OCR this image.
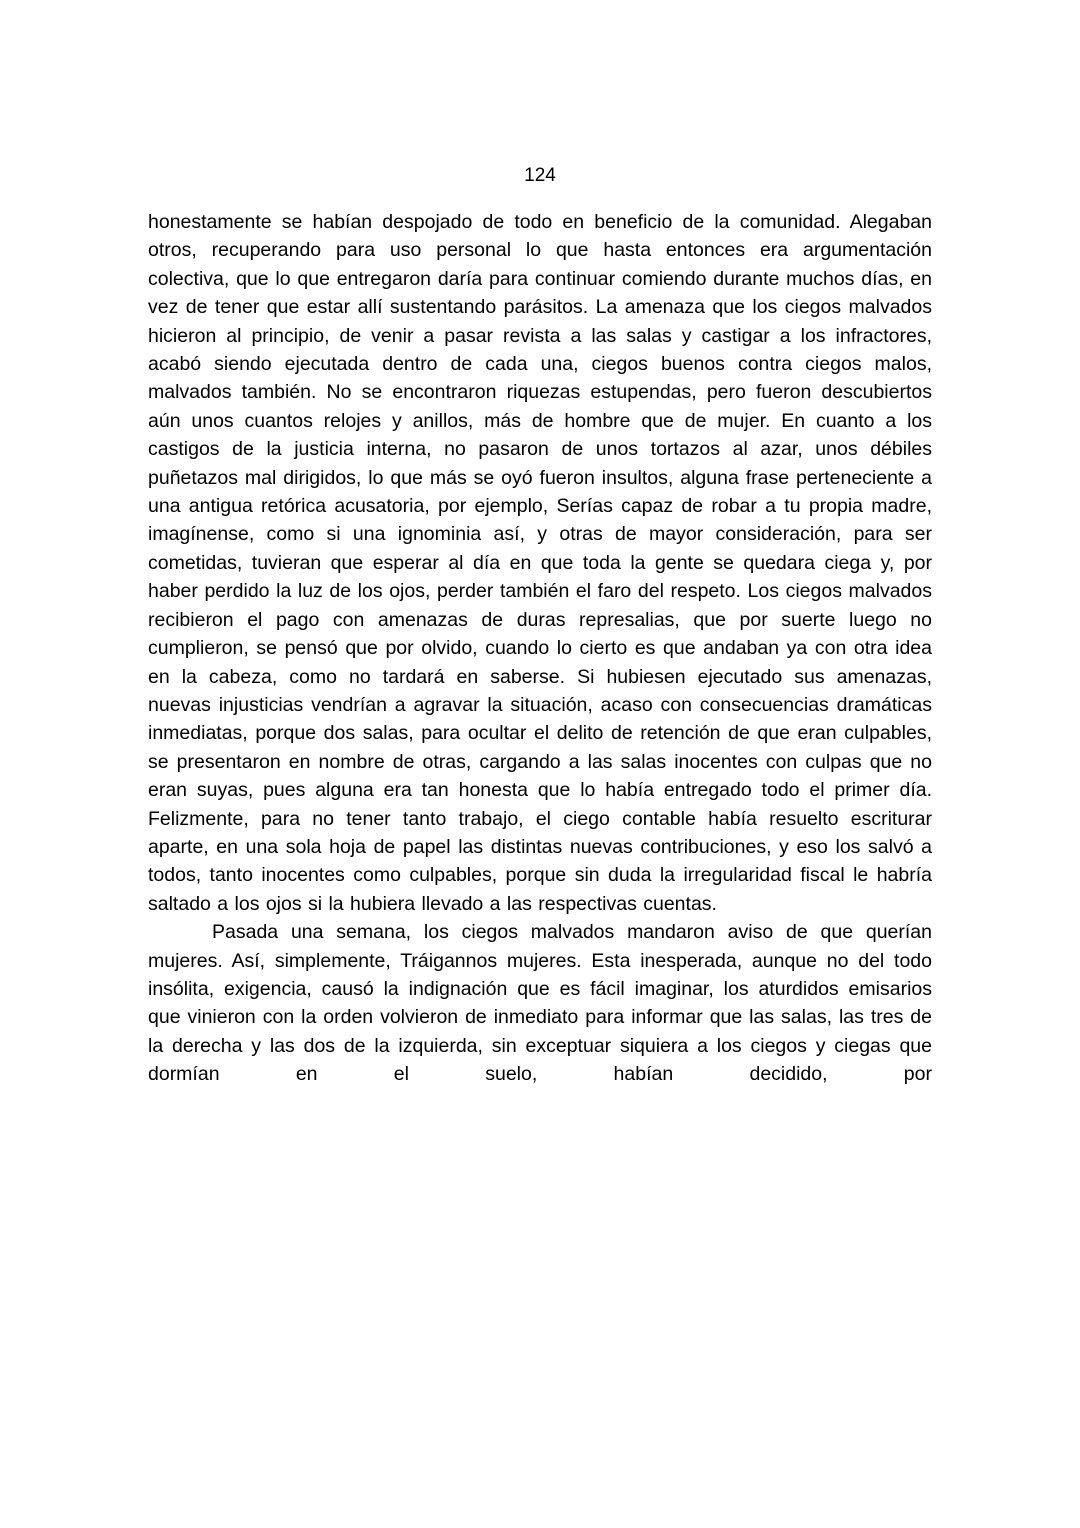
124

honestamente se habían despojado de todo en beneficio de la comunidad. Alegaban otros, recuperando para uso personal lo que hasta entonces era argumentación colectiva, que lo que entregaron daría para continuar comiendo durante muchos días, en vez de tener que estar allí sustentando parásitos. La amenaza que los ciegos malvados hicieron al principio, de venir a pasar revista a las salas y castigar a los infractores, acabó siendo ejecutada dentro de cada una, ciegos buenos contra ciegos malos, malvados también. No se encontraron riquezas estupendas, pero fueron descubiertos aún unos cuantos relojes y anillos, más de hombre que de mujer. En cuanto a los castigos de la justicia interna, no pasaron de unos tortazos al azar, unos débiles puñetazos mal dirigidos, lo que más se oyó fueron insultos, alguna frase perteneciente a una antigua retórica acusatoria, por ejemplo, Serías capaz de robar a tu propia madre, imagínense, como si una ignominia así, y otras de mayor consideración, para ser cometidas, tuvieran que esperar al día en que toda la gente se quedara ciega y, por haber perdido la luz de los ojos, perder también el faro del respeto. Los ciegos malvados recibieron el pago con amenazas de duras represalias, que por suerte luego no cumplieron, se pensó que por olvido, cuando lo cierto es que andaban ya con otra idea en la cabeza, como no tardará en saberse. Si hubiesen ejecutado sus amenazas, nuevas injusticias vendrían a agravar la situación, acaso con consecuencias dramáticas inmediatas, porque dos salas, para ocultar el delito de retención de que eran culpables, se presentaron en nombre de otras, cargando a las salas inocentes con culpas que no eran suyas, pues alguna era tan honesta que lo había entregado todo el primer día. Felizmente, para no tener tanto trabajo, el ciego contable había resuelto escriturar aparte, en una sola hoja de papel las distintas nuevas contribuciones, y eso los salvó a todos, tanto inocentes como culpables, porque sin duda la irregularidad fiscal le habría saltado a los ojos si la hubiera llevado a las respectivas cuentas.

Pasada una semana, los ciegos malvados mandaron aviso de que querían mujeres. Así, simplemente, Tráigannos mujeres. Esta inesperada, aunque no del todo insólita, exigencia, causó la indignación que es fácil imaginar, los aturdidos emisarios que vinieron con la orden volvieron de inmediato para informar que las salas, las tres de la derecha y las dos de la izquierda, sin exceptuar siquiera a los ciegos y ciegas que dormían en el suelo, habían decidido, por
